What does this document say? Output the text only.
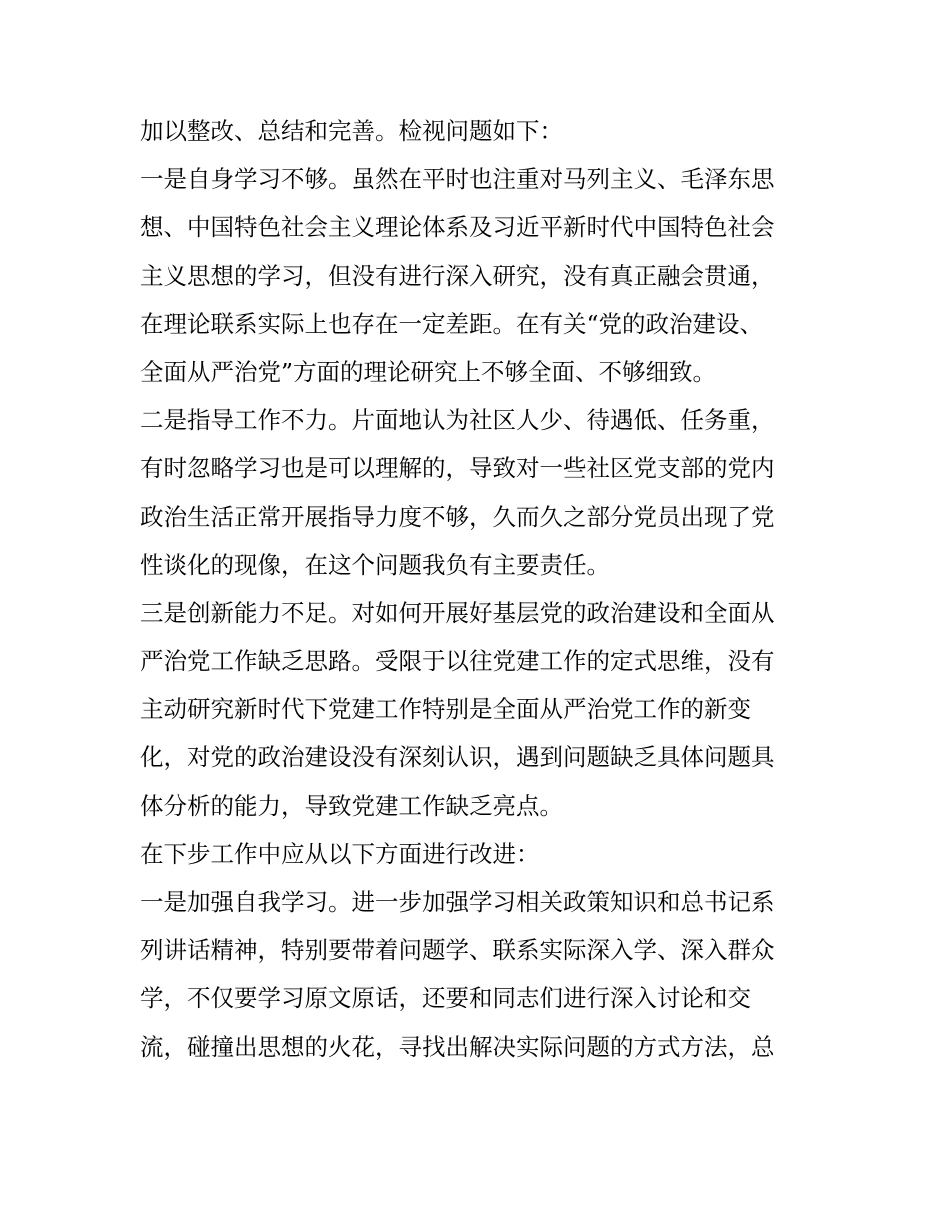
加以整改、总结和完善。检视问题如下：
一是自身学习不够。虽然在平时也注重对马列主义、毛泽东思
想、中国特色社会主义理论体系及习近平新时代中国特色社会
主义思想的学习，但没有进行深入研究，没有真正融会贯通，
在理论联系实际上也存在一定差距。在有关“党的政治建设、
全面从严治党”方面的理论研究上不够全面、不够细致。
二是指导工作不力。片面地认为社区人少、待遇低、任务重，
有时忽略学习也是可以理解的，导致对一些社区党支部的党内
政治生活正常开展指导力度不够，久而久之部分党员出现了党
性谈化的现像，在这个问题我负有主要责任。
三是创新能力不足。对如何开展好基层党的政治建设和全面从
严治党工作缺乏思路。受限于以往党建工作的定式思维，没有
主动研究新时代下党建工作特别是全面从严治党工作的新变
化，对党的政治建设没有深刻认识，遇到问题缺乏具体问题具
体分析的能力，导致党建工作缺乏亮点。
在下步工作中应从以下方面进行改进：
一是加强自我学习。进一步加强学习相关政策知识和总书记系
列讲话精神，特别要带着问题学、联系实际深入学、深入群众
学，不仅要学习原文原话，还要和同志们进行深入讨论和交
流，碰撞出思想的火花，寻找出解决实际问题的方式方法，总
